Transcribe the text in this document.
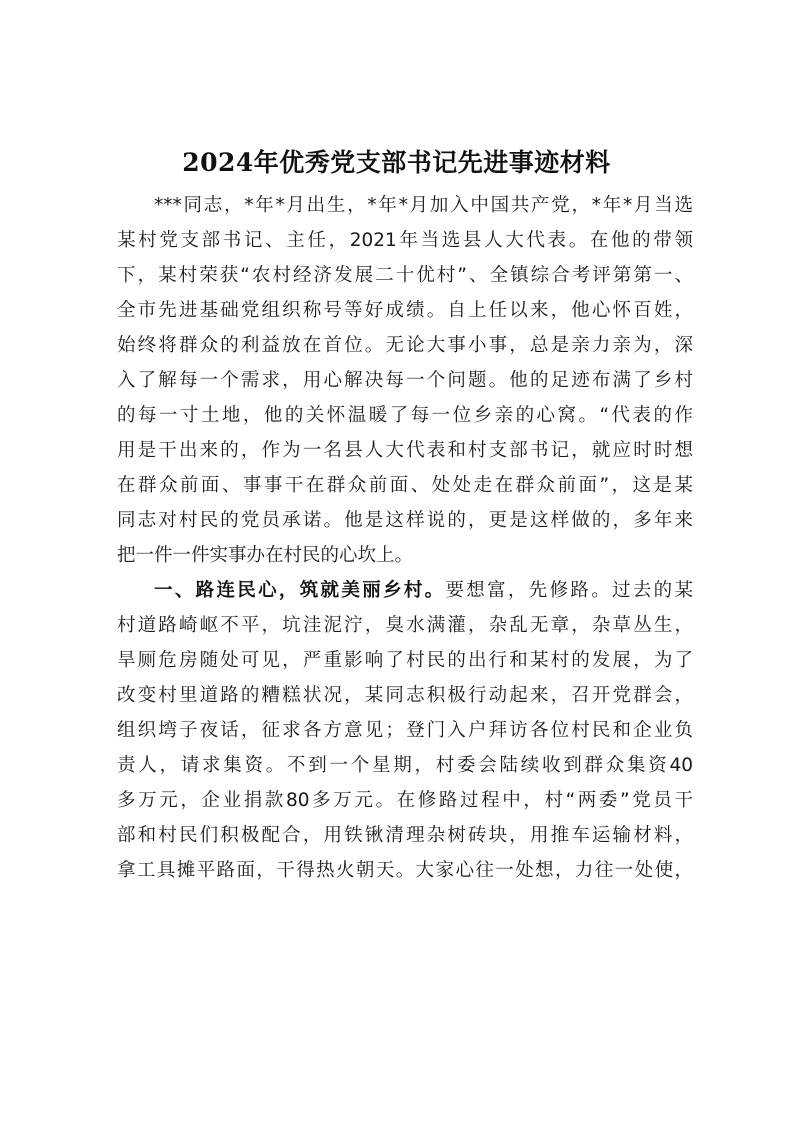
2024年优秀党支部书记先进事迹材料
***同志，*年*月出生，*年*月加入中国共产党，*年*月当选
某村党支部书记、主任，2021年当选县人大代表。在他的带领
下，某村荣获“农村经济发展二十优村”、全镇综合考评第第一、
全市先进基础党组织称号等好成绩。自上任以来，他心怀百姓，
始终将群众的利益放在首位。无论大事小事，总是亲力亲为，深
入了解每一个需求，用心解决每一个问题。他的足迹布满了乡村
的每一寸土地，他的关怀温暖了每一位乡亲的心窝。“代表的作
用是干出来的，作为一名县人大代表和村支部书记，就应时时想
在群众前面、事事干在群众前面、处处走在群众前面”，这是某
同志对村民的党员承诺。他是这样说的，更是这样做的，多年来
把一件一件实事办在村民的心坎上。
一、路连民心，筑就美丽乡村。要想富，先修路。过去的某
村道路崎岖不平，坑洼泥泞，臭水满灌，杂乱无章，杂草丛生，
旱厕危房随处可见，严重影响了村民的出行和某村的发展，为了
改变村里道路的糟糕状况，某同志积极行动起来，召开党群会，
组织塆子夜话，征求各方意见；登门入户拜访各位村民和企业负
责人，请求集资。不到一个星期，村委会陆续收到群众集资40
多万元，企业捐款80多万元。在修路过程中，村“两委”党员干
部和村民们积极配合，用铁锹清理杂树砖块，用推车运输材料，
拿工具摊平路面，干得热火朝天。大家心往一处想，力往一处使，
